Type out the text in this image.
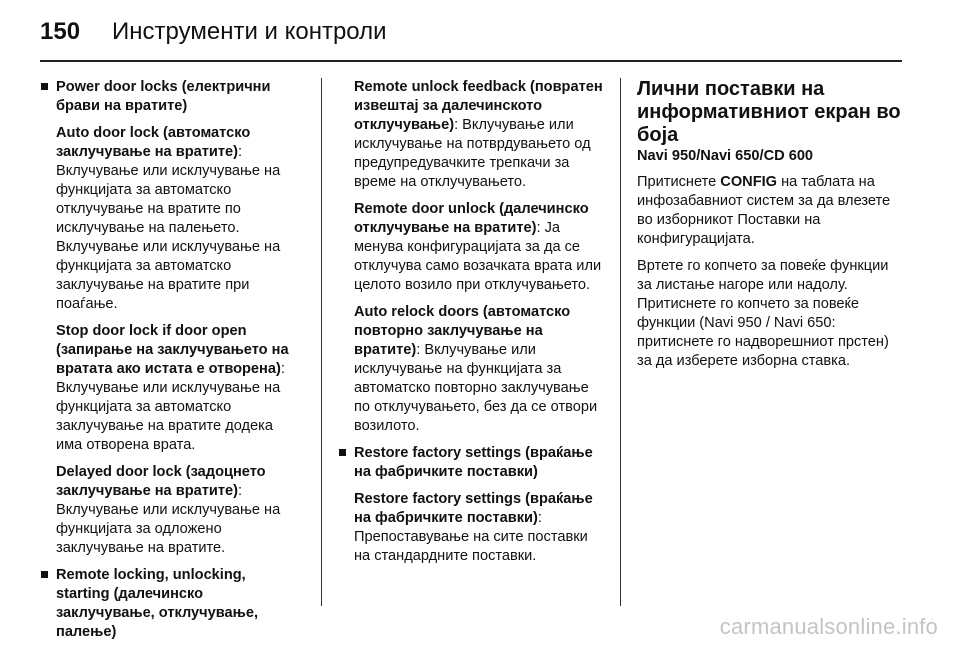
150 Инструменти и контроли
Power door locks (електрични брави на вратите)
Auto door lock (автоматско заклучување на вратите): Вклучување или исклучување на функцијата за автоматско отклучување на вратите по исклучување на палењето. Вклучување или исклучување на функцијата за автоматско заклучување на вратите при поаѓање.
Stop door lock if door open (запирање на заклучувањето на вратата ако истата е отворена): Вклучување или исклучување на функцијата за автоматско заклучување на вратите додека има отворена врата.
Delayed door lock (задоцнето заклучување на вратите): Вклучување или исклучување на функцијата за одложено заклучување на вратите.
Remote locking, unlocking, starting (далечинско заклучување, отклучување, палење)
Remote unlock feedback (повратен извештај за далечинското отклучување): Вклучување или исклучување на потврдувањето од предупредувачките трепкачи за време на отклучувањето.
Remote door unlock (далечинско отклучување на вратите): Ја менува конфигурацијата за да се отклучува само возачката врата или целото возило при отклучувањето.
Auto relock doors (автоматско повторно заклучување на вратите): Вклучување или исклучување на функцијата за автоматско повторно заклучување по отклучувањето, без да се отвори возилото.
Restore factory settings (враќање на фабричките поставки)
Restore factory settings (враќање на фабричките поставки): Препоставување на сите поставки на стандардните поставки.
Лични поставки на информативниот екран во боја
Navi 950/Navi 650/CD 600

Притиснете CONFIG на таблата на инфозабавниот систем за да влезете во изборникот Поставки на конфигурацијата.

Вртете го копчето за повеќе функции за листање нагоре или надолу. Притиснете го копчето за повеќе функции (Navi 950 / Navi 650: притиснете го надворешниот прстен) за да изберете изборна ставка.

carmanualsonline.info
